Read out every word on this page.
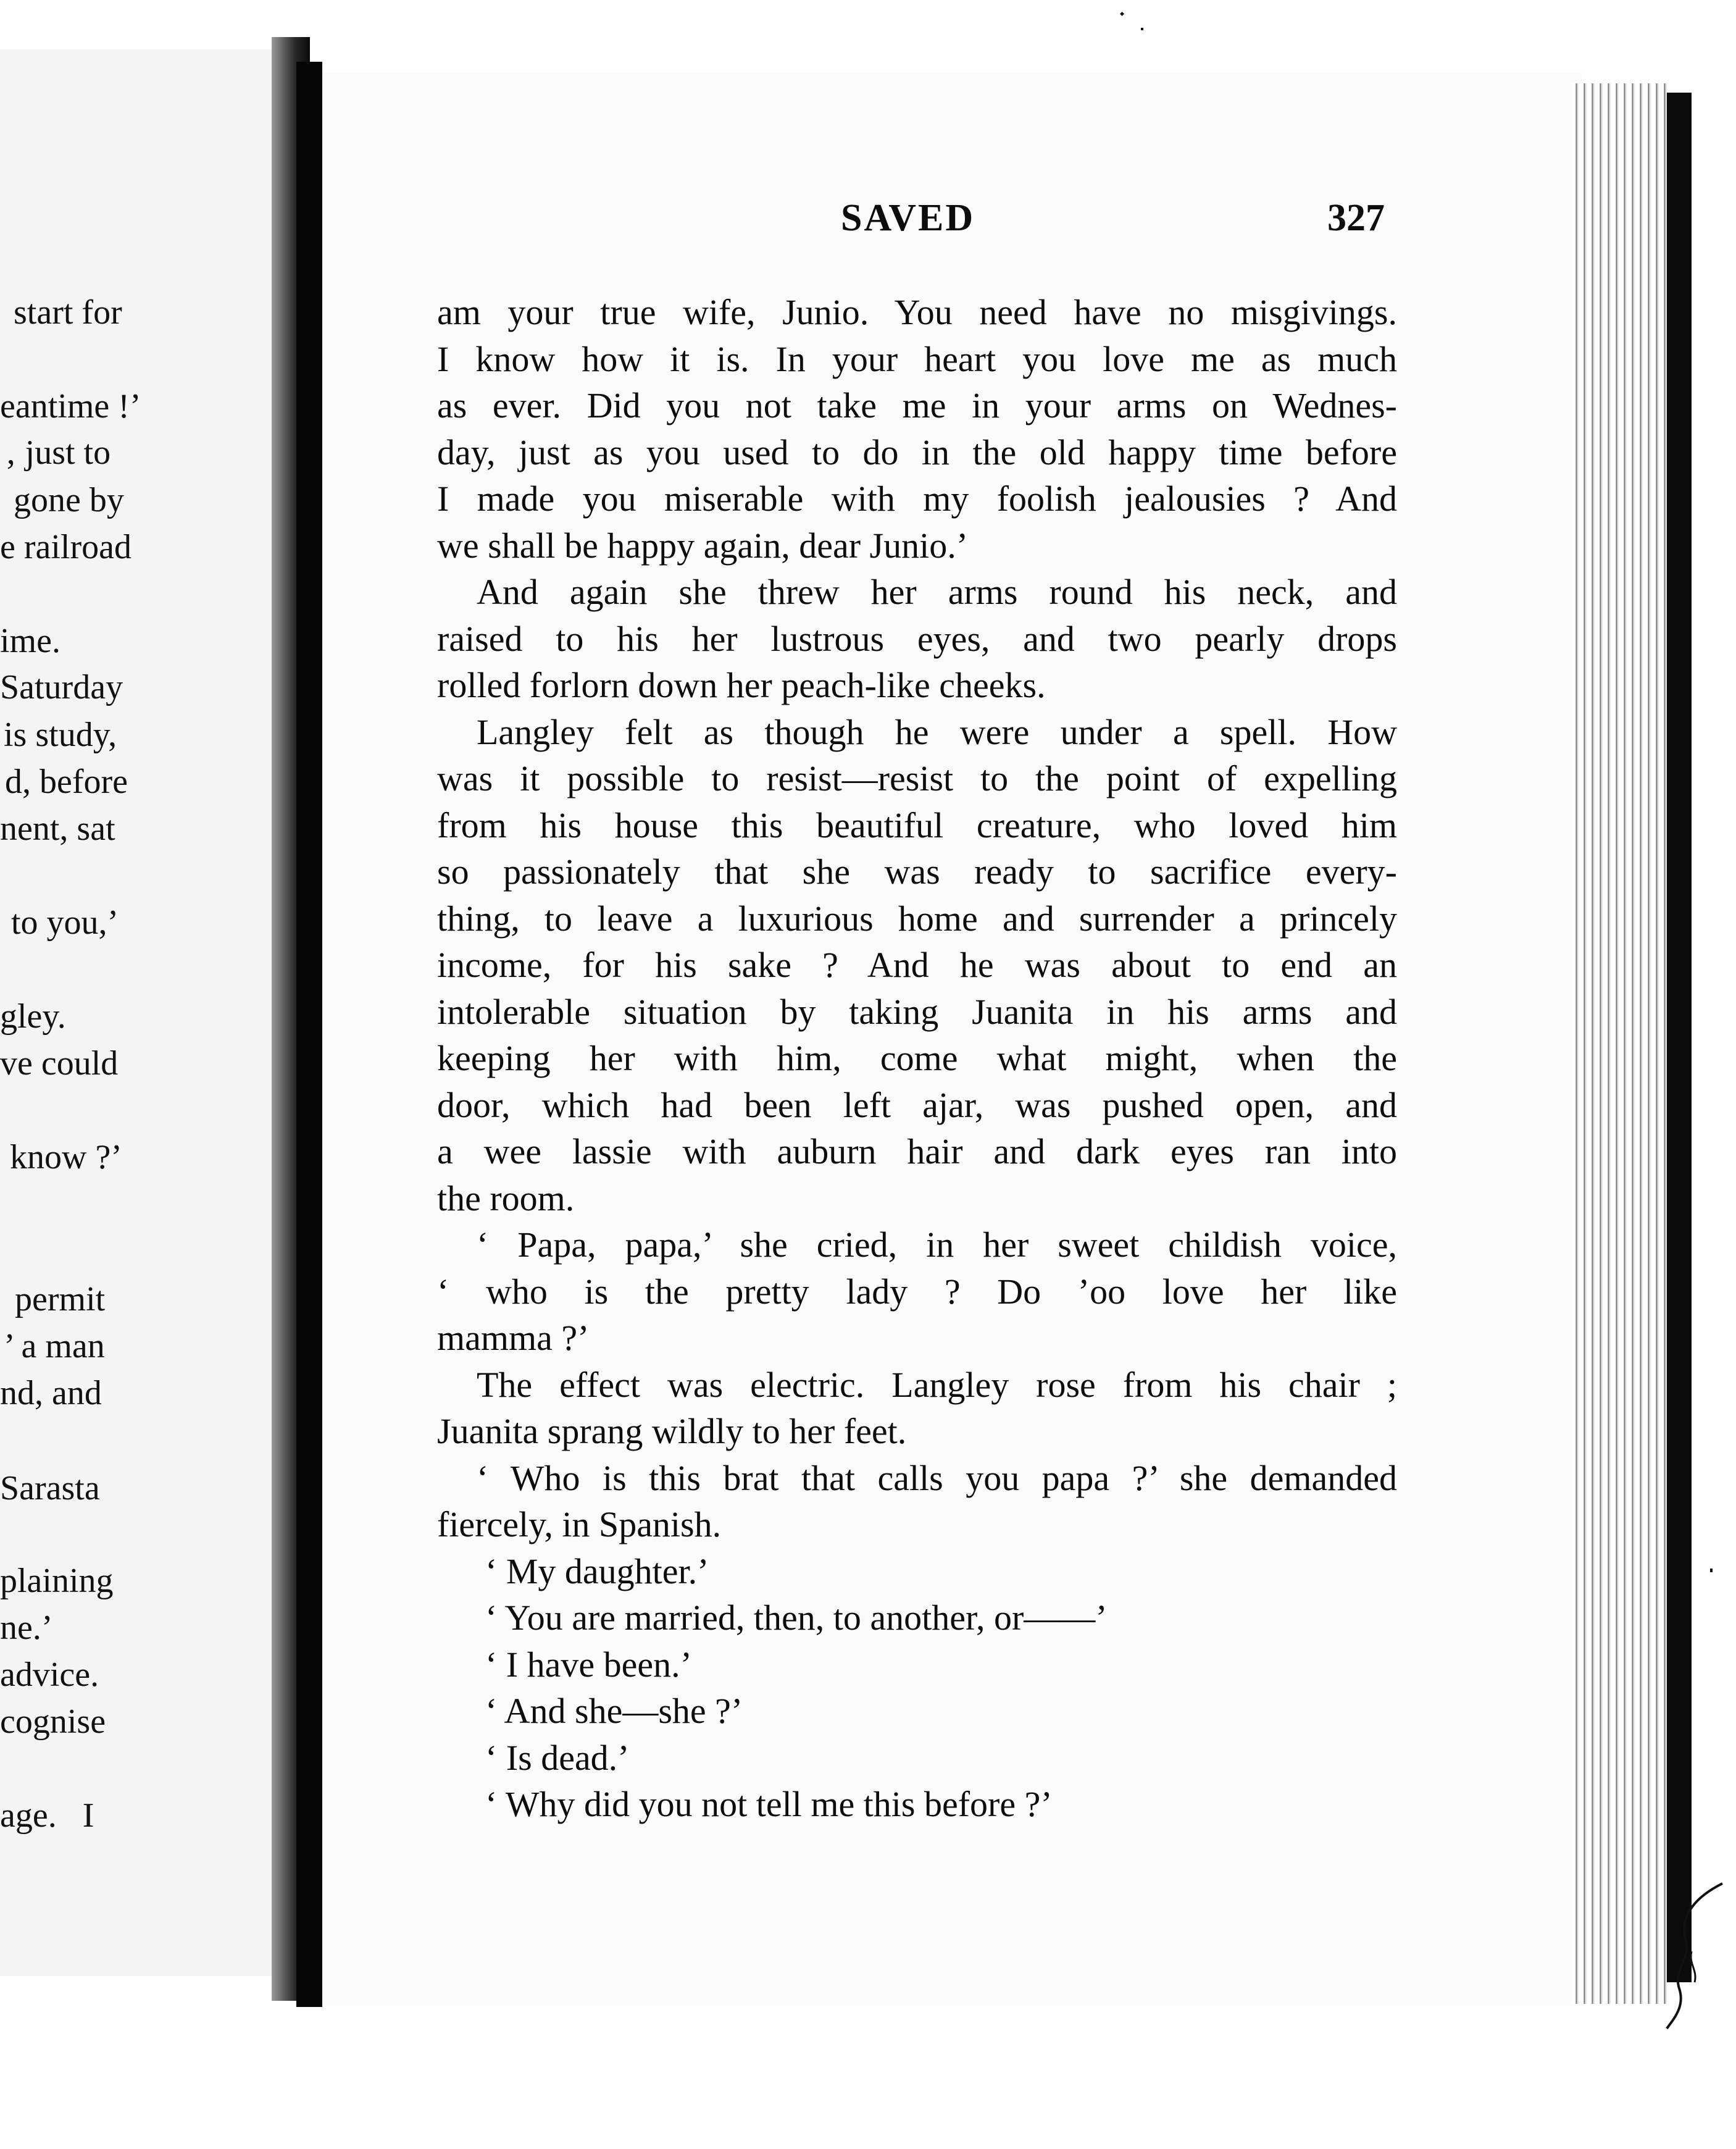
start for
eantime !’
‚ just to
gone by
e railroad
ime.
Saturday
is study,
d, before
nent, sat
to you,’
gley.
ve could
know ?’
permit
’ a man
nd, and
Sarasta
plaining
ne.’
advice.
cognise
age.   I
SAVED	327
am your true wife, Junio. You need have no misgivings.
I know how it is. In your heart you love me as much
as ever. Did you not take me in your arms on Wednes-
day, just as you used to do in the old happy time before
I made you miserable with my foolish jealousies ? And
we shall be happy again, dear Junio.’
And again she threw her arms round his neck, and
raised to his her lustrous eyes, and two pearly drops
rolled forlorn down her peach-like cheeks.
Langley felt as though he were under a spell. How
was it possible to resist—resist to the point of expelling
from his house this beautiful creature, who loved him
so passionately that she was ready to sacrifice every-
thing, to leave a luxurious home and surrender a princely
income, for his sake ? And he was about to end an
intolerable situation by taking Juanita in his arms and
keeping her with him, come what might, when the
door, which had been left ajar, was pushed open, and
a wee lassie with auburn hair and dark eyes ran into
the room.
‘ Papa, papa,’ she cried, in her sweet childish voice,
‘ who is the pretty lady ? Do ’oo love her like
mamma ?’
The effect was electric. Langley rose from his chair ;
Juanita sprang wildly to her feet.
‘ Who is this brat that calls you papa ?’ she demanded
fiercely, in Spanish.
‘ My daughter.’
‘ You are married, then, to another, or——’
‘ I have been.’
‘ And she—she ?’
‘ Is dead.’
‘ Why did you not tell me this before ?’
